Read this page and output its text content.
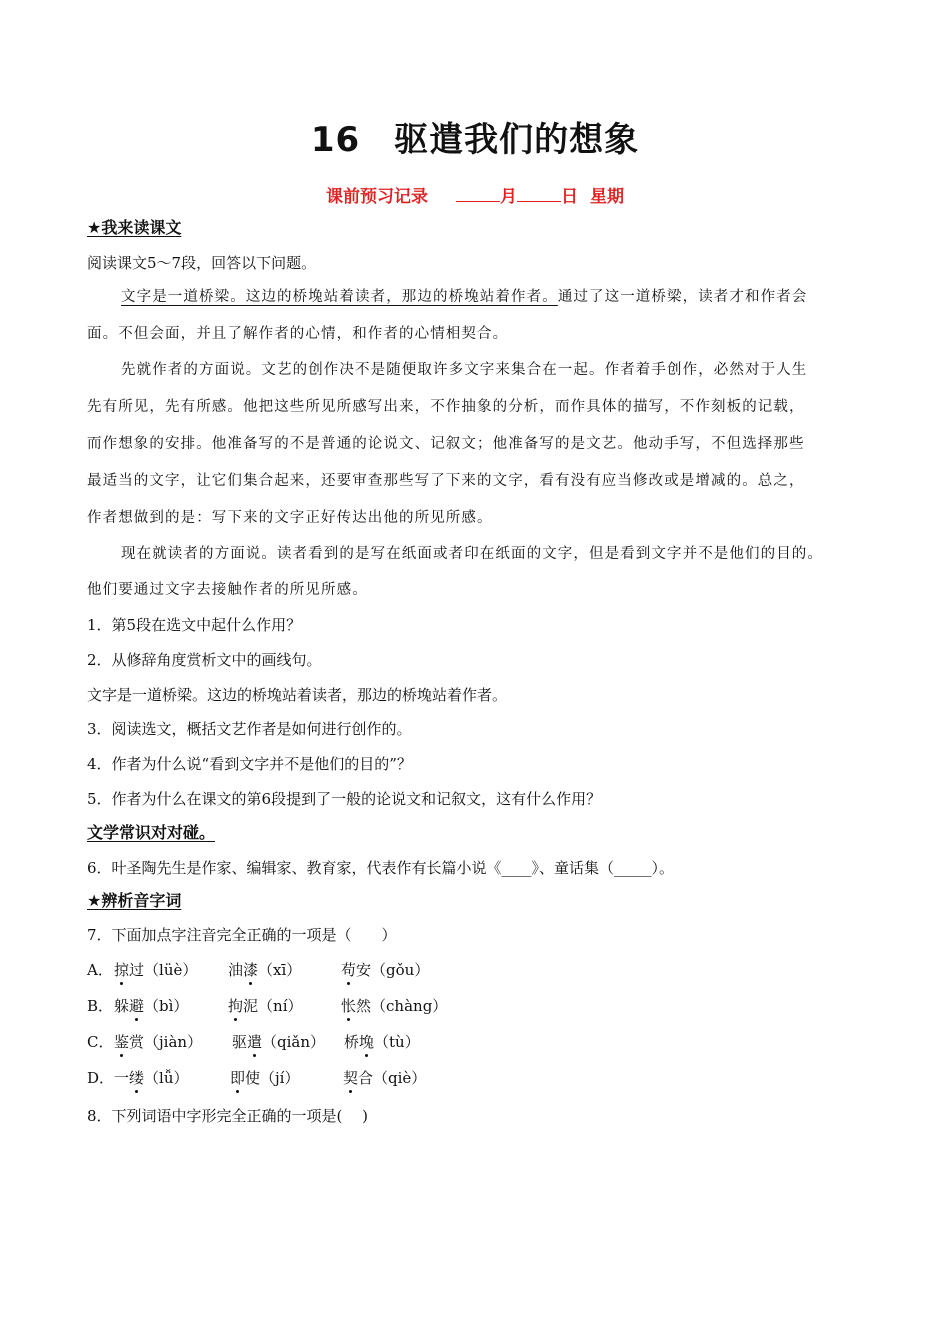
16 驱遣我们的想象
课前预习记录	月	日 星期
★我来读课文
阅读课文5～7段，回答以下问题。
文字是一道桥梁。这边的桥堍站着读者，那边的桥堍站着作者。通过了这一道桥梁，读者才和作者会
面。不但会面，并且了解作者的心情，和作者的心情相契合。
先就作者的方面说。文艺的创作决不是随便取许多文字来集合在一起。作者着手创作，必然对于人生
先有所见，先有所感。他把这些所见所感写出来，不作抽象的分析，而作具体的描写，不作刻板的记载，
而作想象的安排。他准备写的不是普通的论说文、记叙文；他准备写的是文艺。他动手写，不但选择那些
最适当的文字，让它们集合起来，还要审查那些写了下来的文字，看有没有应当修改或是增减的。总之，
作者想做到的是：写下来的文字正好传达出他的所见所感。
现在就读者的方面说。读者看到的是写在纸面或者印在纸面的文字，但是看到文字并不是他们的目的。
他们要通过文字去接触作者的所见所感。
1．第5段在选文中起什么作用？
2．从修辞角度赏析文中的画线句。
文字是一道桥梁。这边的桥堍站着读者，那边的桥堍站着作者。
3．阅读选文，概括文艺作者是如何进行创作的。
4．作者为什么说“看到文字并不是他们的目的”？
5．作者为什么在课文的第6段提到了一般的论说文和记叙文，这有什么作用？
文学常识对对碰。
6．叶圣陶先生是作家、编辑家、教育家，代表作有长篇小说《____》、童话集（_____）。
★辨析音字词
7．下面加点字注音完全正确的一项是（　　）
A． 掠过（lüè） 油漆（xī）	苟安（gǒu）
B． 躲避（bì）	拘泥（ní）	怅然（chàng）
C． 鉴赏（jiàn） 驱遣（qiǎn） 桥堍（tù）
D． 一缕（lǚ）	即使（jí）	契合（qiè）
8．下列词语中字形完全正确的一项是(　 )
